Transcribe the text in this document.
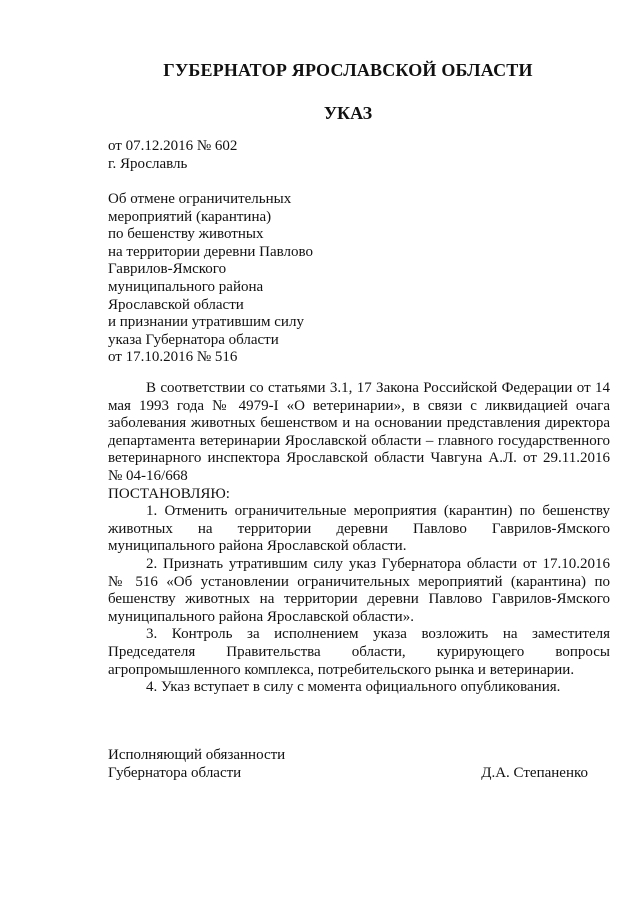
ГУБЕРНАТОР ЯРОСЛАВСКОЙ ОБЛАСТИ
УКАЗ
от 07.12.2016 № 602
г. Ярославль
Об отмене ограничительных
мероприятий (карантина)
по бешенству животных
на территории деревни Павлово
Гаврилов-Ямского
муниципального района
Ярославской области
и признании утратившим силу
указа Губернатора области
от 17.10.2016 № 516

В соответствии со статьями 3.1, 17 Закона Российской Федерации от 14 мая 1993 года № 4979-I «О ветеринарии», в связи с ликвидацией очага заболевания животных бешенством и на основании представления директора департамента ветеринарии Ярославской области – главного государственного ветеринарного инспектора Ярославской области Чавгуна А.Л. от 29.11.2016 № 04-16/668

ПОСТАНОВЛЯЮ:

1. Отменить ограничительные мероприятия (карантин) по бешенству животных на территории деревни Павлово Гаврилов-Ямского муниципального района Ярославской области.

2. Признать утратившим силу указ Губернатора области от 17.10.2016 № 516 «Об установлении ограничительных мероприятий (карантина) по бешенству животных на территории деревни Павлово Гаврилов-Ямского муниципального района Ярославской области».

3. Контроль за исполнением указа возложить на заместителя Председателя Правительства области, курирующего вопросы агропромышленного комплекса, потребительского рынка и ветеринарии.

4. Указ вступает в силу с момента официального опубликования.

Исполняющий обязанности
Губернатора области	Д.А. Степаненко
